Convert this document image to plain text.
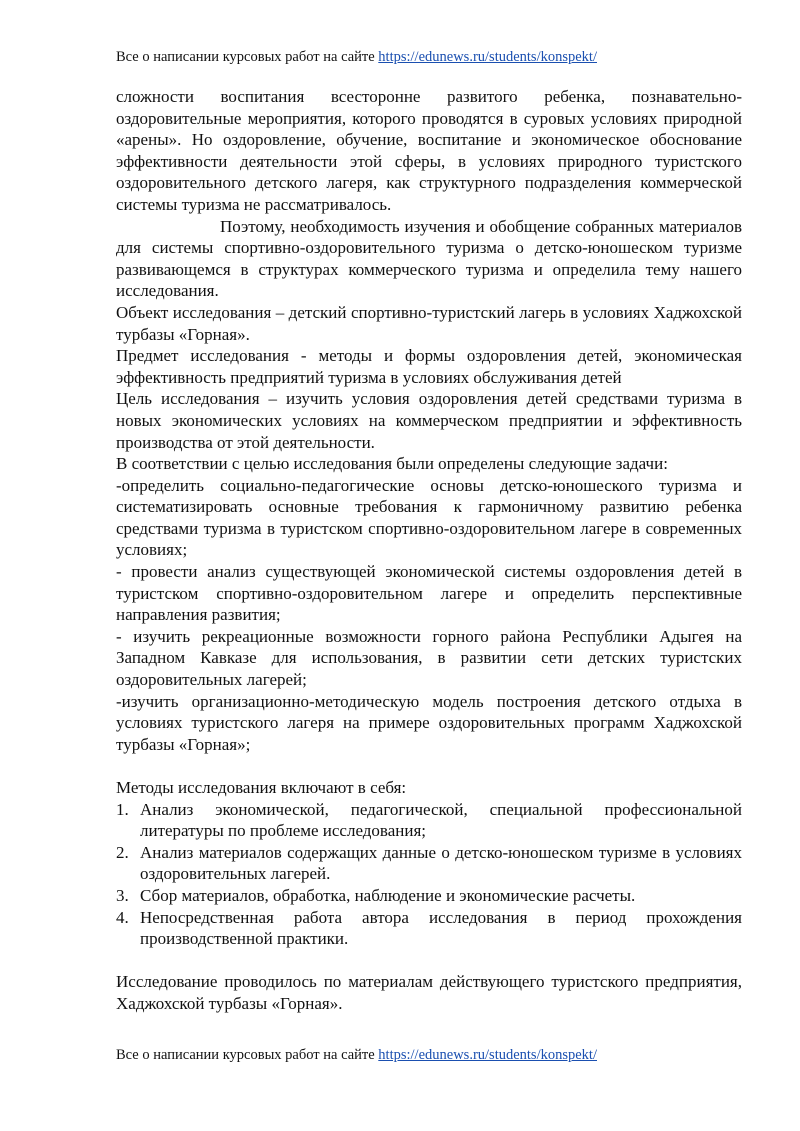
Все о написании курсовых работ на сайте https://edunews.ru/students/konspekt/

сложности воспитания всесторонне развитого ребенка, познавательно-оздоровительные мероприятия, которого проводятся в суровых условиях природной «арены». Но оздоровление, обучение, воспитание и экономическое обоснование эффективности деятельности этой сферы, в условиях природного туристского оздоровительного детского лагеря, как структурного подразделения коммерческой системы туризма не рассматривалось.

Поэтому, необходимость изучения и обобщение собранных материалов для системы спортивно-оздоровительного туризма о детско-юношеском туризме развивающемся в структурах коммерческого туризма и определила тему нашего исследования.

Объект исследования – детский спортивно-туристский лагерь в условиях Хаджохской турбазы «Горная».

Предмет исследования - методы и формы оздоровления детей, экономическая эффективность предприятий туризма в условиях обслуживания детей

Цель исследования – изучить условия оздоровления детей средствами туризма в новых экономических условиях на коммерческом предприятии и эффективность производства от этой деятельности.

В соответствии с целью исследования были определены следующие задачи:

-определить социально-педагогические основы детско-юношеского туризма и систематизировать основные требования к гармоничному развитию ребенка средствами туризма в туристском спортивно-оздоровительном лагере в современных условиях;

- провести анализ существующей экономической системы оздоровления детей в туристском спортивно-оздоровительном лагере и определить перспективные направления развития;

- изучить рекреационные возможности горного района Республики Адыгея на Западном Кавказе для использования, в развитии сети детских туристских оздоровительных лагерей;

-изучить организационно-методическую модель построения детского отдыха в условиях туристского лагеря на примере оздоровительных программ Хаджохской турбазы «Горная»;

Методы исследования включают в себя:

1. Анализ экономической, педагогической, специальной профессиональной литературы по проблеме исследования;
2. Анализ материалов содержащих данные о детско-юношеском туризме в условиях оздоровительных лагерей.
3. Сбор материалов, обработка, наблюдение и экономические расчеты.
4. Непосредственная работа автора исследования в период прохождения производственной практики.

Исследование проводилось по материалам действующего туристского предприятия, Хаджохской турбазы «Горная».

Все о написании курсовых работ на сайте https://edunews.ru/students/konspekt/
